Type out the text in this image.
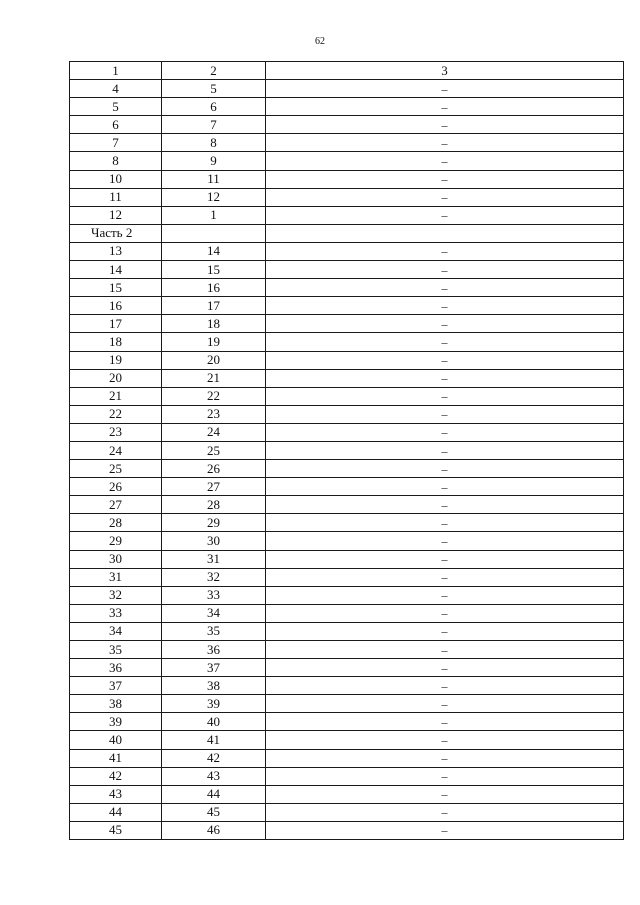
62
1	2	3
4	5	–
5	6	–
6	7	–
7	8	–
8	9	–
10	11	–
11	12	–
12	1	–
Часть 2		
13	14	–
14	15	–
15	16	–
16	17	–
17	18	–
18	19	–
19	20	–
20	21	–
21	22	–
22	23	–
23	24	–
24	25	–
25	26	–
26	27	–
27	28	–
28	29	–
29	30	–
30	31	–
31	32	–
32	33	–
33	34	–
34	35	–
35	36	–
36	37	–
37	38	–
38	39	–
39	40	–
40	41	–
41	42	–
42	43	–
43	44	–
44	45	–
45	46	–
